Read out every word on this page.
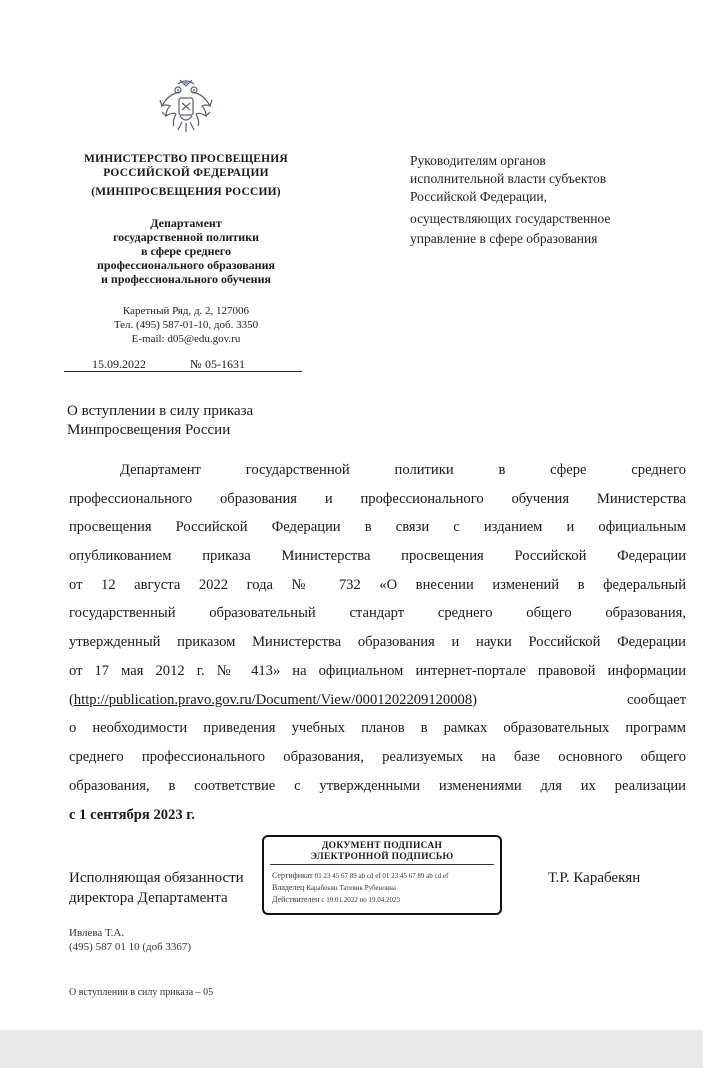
МИНИСТЕРСТВО ПРОСВЕЩЕНИЯ
РОССИЙСКОЙ ФЕДЕРАЦИИ
(МИНПРОСВЕЩЕНИЯ РОССИИ)
Департамент
государственной политики
в сфере среднего
профессионального образования
и профессионального обучения
Каретный Ряд, д. 2, 127006
Тел. (495) 587-01-10, доб. 3350
E-mail: d05@edu.gov.ru
15.09.2022	№ 05-1631
Руководителям органов
исполнительной власти субъектов
Российской Федерации,
осуществляющих государственное
управление в сфере образования
О вступлении в силу приказа
Минпросвещения России
Департамент государственной политики в сфере среднего
профессионального образования и профессионального обучения Министерства
просвещения Российской Федерации в связи с изданием и официальным
опубликованием приказа Министерства просвещения Российской Федерации
от 12 августа 2022 года № 732 «О внесении изменений в федеральный
государственный образовательный стандарт среднего общего образования,
утвержденный приказом Министерства образования и науки Российской Федерации
от 17 мая 2012 г. № 413» на официальном интернет-портале правовой информации
(http://publication.pravo.gov.ru/Document/View/0001202209120008)	сообщает
о необходимости приведения учебных планов в рамках образовательных программ
среднего профессионального образования, реализуемых на базе основного общего
образования, в соответствие с утвержденными изменениями для их реализации
с 1 сентября 2023 г.
Исполняющая обязанности
директора Департамента
Т.Р. Карабекян
ДОКУМЕНТ ПОДПИСАН
ЭЛЕКТРОННОЙ ПОДПИСЬЮ
Сертификат 01 23 45 67 89 ab cd ef 01 23 45 67 89 ab cd ef
Владелец Карабекян Татевик Рубеновна
Действителен с 19.01.2022 по 19.04.2023
Ивлева Т.А.
(495) 587 01 10 (доб 3367)
О вступлении в силу приказа – 05
